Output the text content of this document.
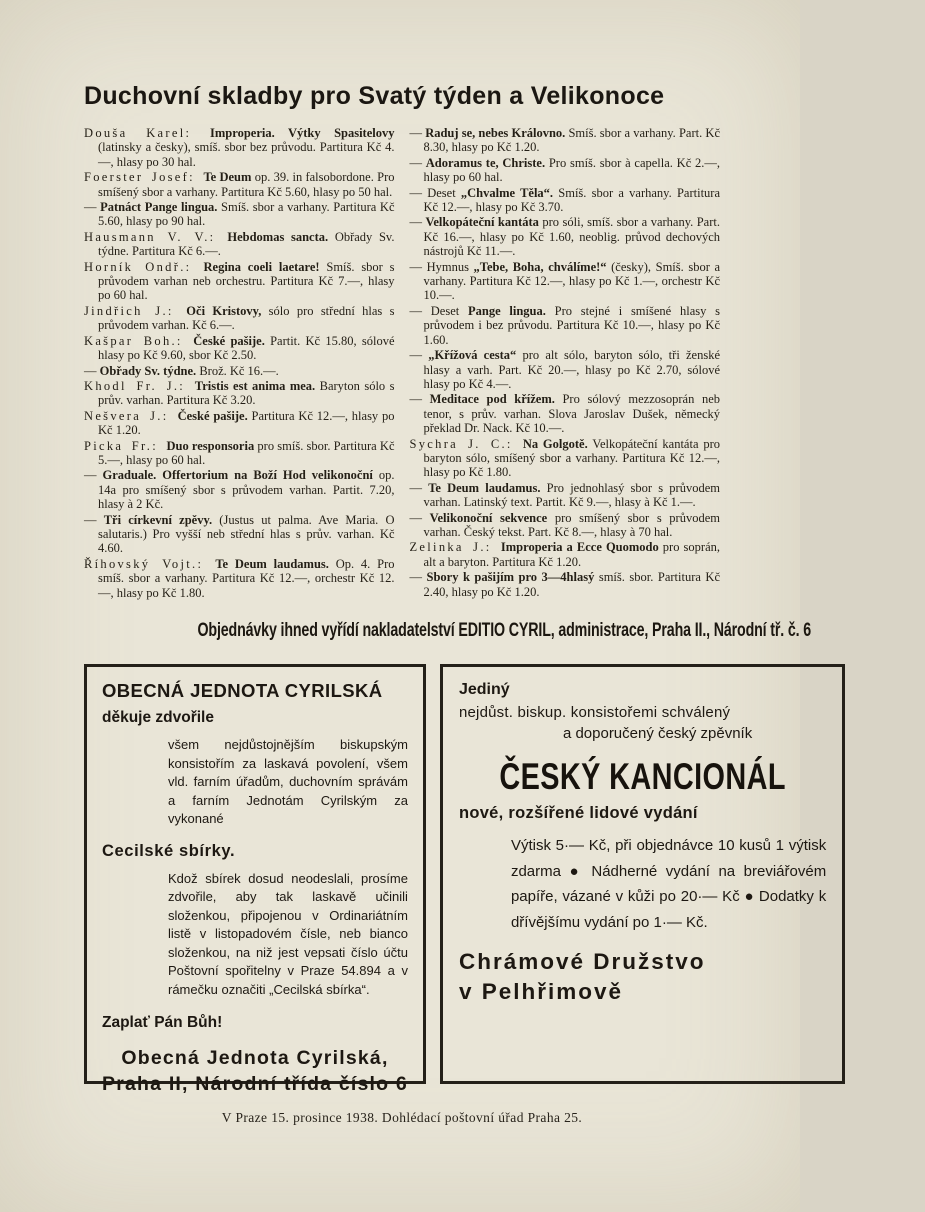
Duchovní skladby pro Svatý týden a Velikonoce

Douša Karel: Improperia. Výtky Spasitelovy (latinsky a česky), smíš. sbor bez průvodu. Partitura Kč 4.—, hlasy po 30 hal.

Foerster Josef: Te Deum op. 39. in falsobordone. Pro smíšený sbor a varhany. Partitura Kč 5.60, hlasy po 50 hal.

— Patnáct Pange lingua. Smíš. sbor a varhany. Partitura Kč 5.60, hlasy po 90 hal.

Hausmann V. V.: Hebdomas sancta. Obřady Sv. týdne. Partitura Kč 6.—.

Horník Ondř.: Regina coeli laetare! Smíš. sbor s průvodem varhan neb orchestru. Partitura Kč 7.—, hlasy po 60 hal.

Jindřich J.: Oči Kristovy, sólo pro střední hlas s průvodem varhan. Kč 6.—.

Kašpar Boh.: České pašije. Partit. Kč 15.80, sólové hlasy po Kč 9.60, sbor Kč 2.50.

— Obřady Sv. týdne. Brož. Kč 16.—.

Khodl Fr. J.: Tristis est anima mea. Baryton sólo s prův. varhan. Partitura Kč 3.20.

Nešvera J.: České pašije. Partitura Kč 12.—, hlasy po Kč 1.20.

Picka Fr.: Duo responsoria pro smíš. sbor. Partitura Kč 5.—, hlasy po 60 hal.

— Graduale. Offertorium na Boží Hod velikonoční op. 14a pro smíšený sbor s průvodem varhan. Partit. 7.20, hlasy à 2 Kč.

— Tři církevní zpěvy. (Justus ut palma. Ave Maria. O salutaris.) Pro vyšší neb střední hlas s prův. varhan. Kč 4.60.

Říhovský Vojt.: Te Deum laudamus. Op. 4. Pro smíš. sbor a varhany. Partitura Kč 12.—, orchestr Kč 12.—, hlasy po Kč 1.80.

— Raduj se, nebes Královno. Smíš. sbor a varhany. Part. Kč 8.30, hlasy po Kč 1.20.

— Adoramus te, Christe. Pro smíš. sbor à capella. Kč 2.—, hlasy po 60 hal.

— Deset „Chvalme Těla“. Smíš. sbor a varhany. Partitura Kč 12.—, hlasy po Kč 3.70.

— Velkopáteční kantáta pro sóli, smíš. sbor a varhany. Part. Kč 16.—, hlasy po Kč 1.60, neoblig. průvod dechových nástrojů Kč 11.—.

— Hymnus „Tebe, Boha, chválíme!“ (česky), Smíš. sbor a varhany. Partitura Kč 12.—, hlasy po Kč 1.—, orchestr Kč 10.—.

— Deset Pange lingua. Pro stejné i smíšené hlasy s průvodem i bez průvodu. Partitura Kč 10.—, hlasy po Kč 1.60.

— „Křížová cesta“ pro alt sólo, baryton sólo, tři ženské hlasy a varh. Part. Kč 20.—, hlasy po Kč 2.70, sólové hlasy po Kč 4.—.

— Meditace pod křížem. Pro sólový mezzosoprán neb tenor, s prův. varhan. Slova Jaroslav Dušek, německý překlad Dr. Nack. Kč 10.—.

Sychra J. C.: Na Golgotě. Velkopáteční kantáta pro baryton sólo, smíšený sbor a varhany. Partitura Kč 12.—, hlasy po Kč 1.80.

— Te Deum laudamus. Pro jednohlasý sbor s průvodem varhan. Latinský text. Partit. Kč 9.—, hlasy à Kč 1.—.

— Velikonoční sekvence pro smíšený sbor s průvodem varhan. Český tekst. Part. Kč 8.—, hlasy à 70 hal.

Zelinka J.: Improperia a Ecce Quomodo pro soprán, alt a baryton. Partitura Kč 1.20.

— Sbory k pašijím pro 3—4hlasý smíš. sbor. Partitura Kč 2.40, hlasy po Kč 1.20.

Objednávky ihned vyřídí nakladatelství EDITIO CYRIL, administrace, Praha II., Národní tř. č. 6
OBECNÁ JEDNOTA CYRILSKÁ
děkuje zdvořile
všem nejdůstojnějším biskupským konsistořím za laskavá povolení, všem vld. farním úřadům, duchovním správám a farním Jednotám Cyrilským za vykonané
Cecilské sbírky.
Kdož sbírek dosud neodeslali, prosíme zdvořile, aby tak laskavě učinili složenkou, připojenou v Ordinariátním listě v listopadovém čísle, neb bianco složenkou, na niž jest vepsati číslo účtu Poštovní spořitelny v Praze 54.894 a v rámečku označiti „Cecilská sbírka“.
Zaplať Pán Bůh!
Obecná Jednota Cyrilská,
Praha II, Národní třída číslo 6
Jediný
nejdůst. biskup. konsistořemi schválený
a doporučený český zpěvník
ČESKÝ KANCIONÁL
nové, rozšířené lidové vydání
Výtisk 5·— Kč, při objednávce 10 kusů 1 výtisk zdarma ● Nádherné vydání na breviářovém papíře, vázané v kůži po 20·— Kč ● Dodatky k dřívějšímu vydání po 1·— Kč.
Chrámové Družstvo
v Pelhřimově
V Praze 15. prosince 1938. Dohlédací poštovní úřad Praha 25.
